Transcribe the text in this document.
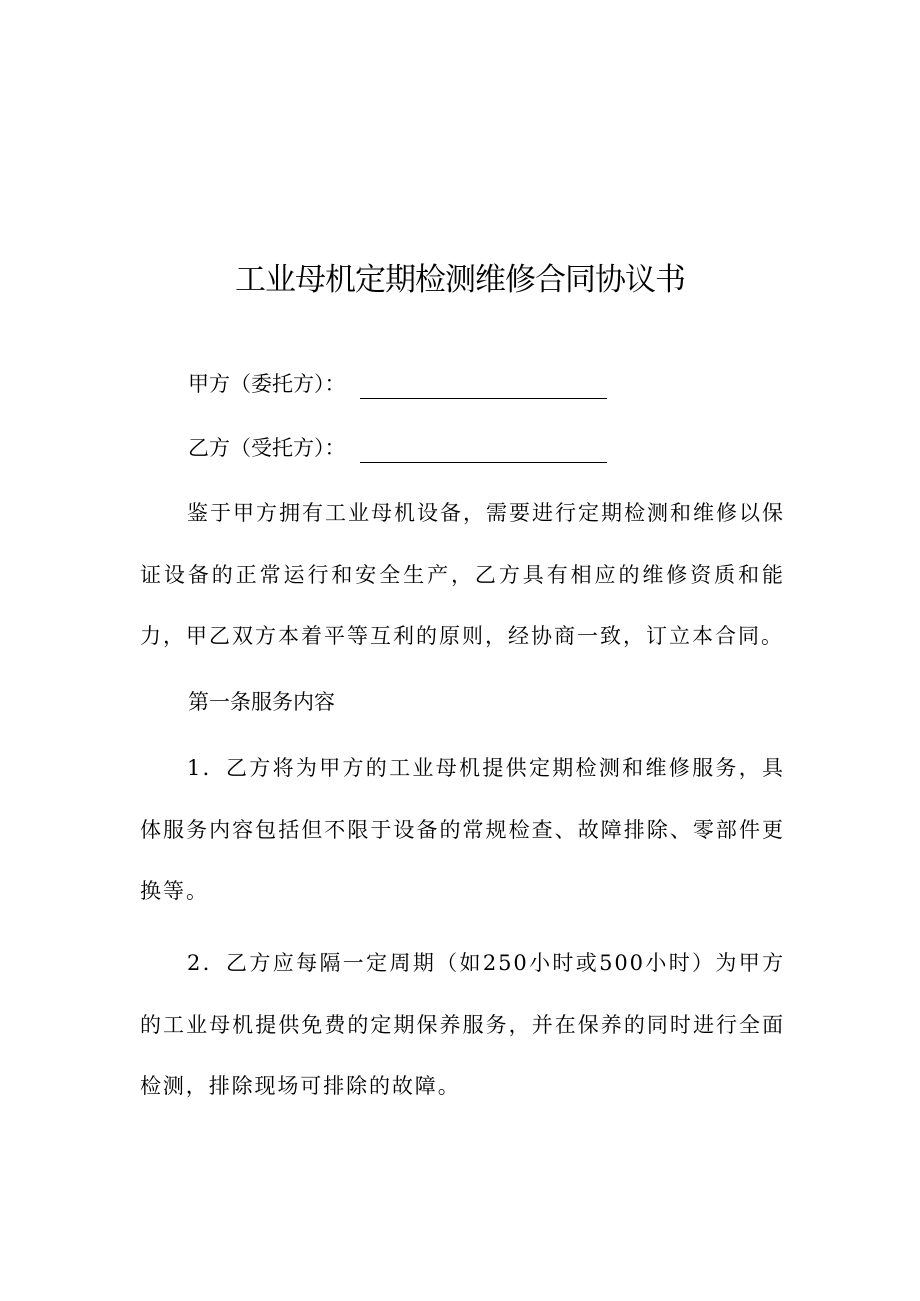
工业母机定期检测维修合同协议书
甲方（委托方）：
乙方（受托方）：
鉴于甲方拥有工业母机设备，需要进行定期检测和维修以保证设备的正常运行和安全生产，乙方具有相应的维修资质和能力，甲乙双方本着平等互利的原则，经协商一致，订立本合同。
第一条服务内容
1．乙方将为甲方的工业母机提供定期检测和维修服务，具体服务内容包括但不限于设备的常规检查、故障排除、零部件更换等。
2．乙方应每隔一定周期（如250小时或500小时）为甲方的工业母机提供免费的定期保养服务，并在保养的同时进行全面检测，排除现场可排除的故障。
